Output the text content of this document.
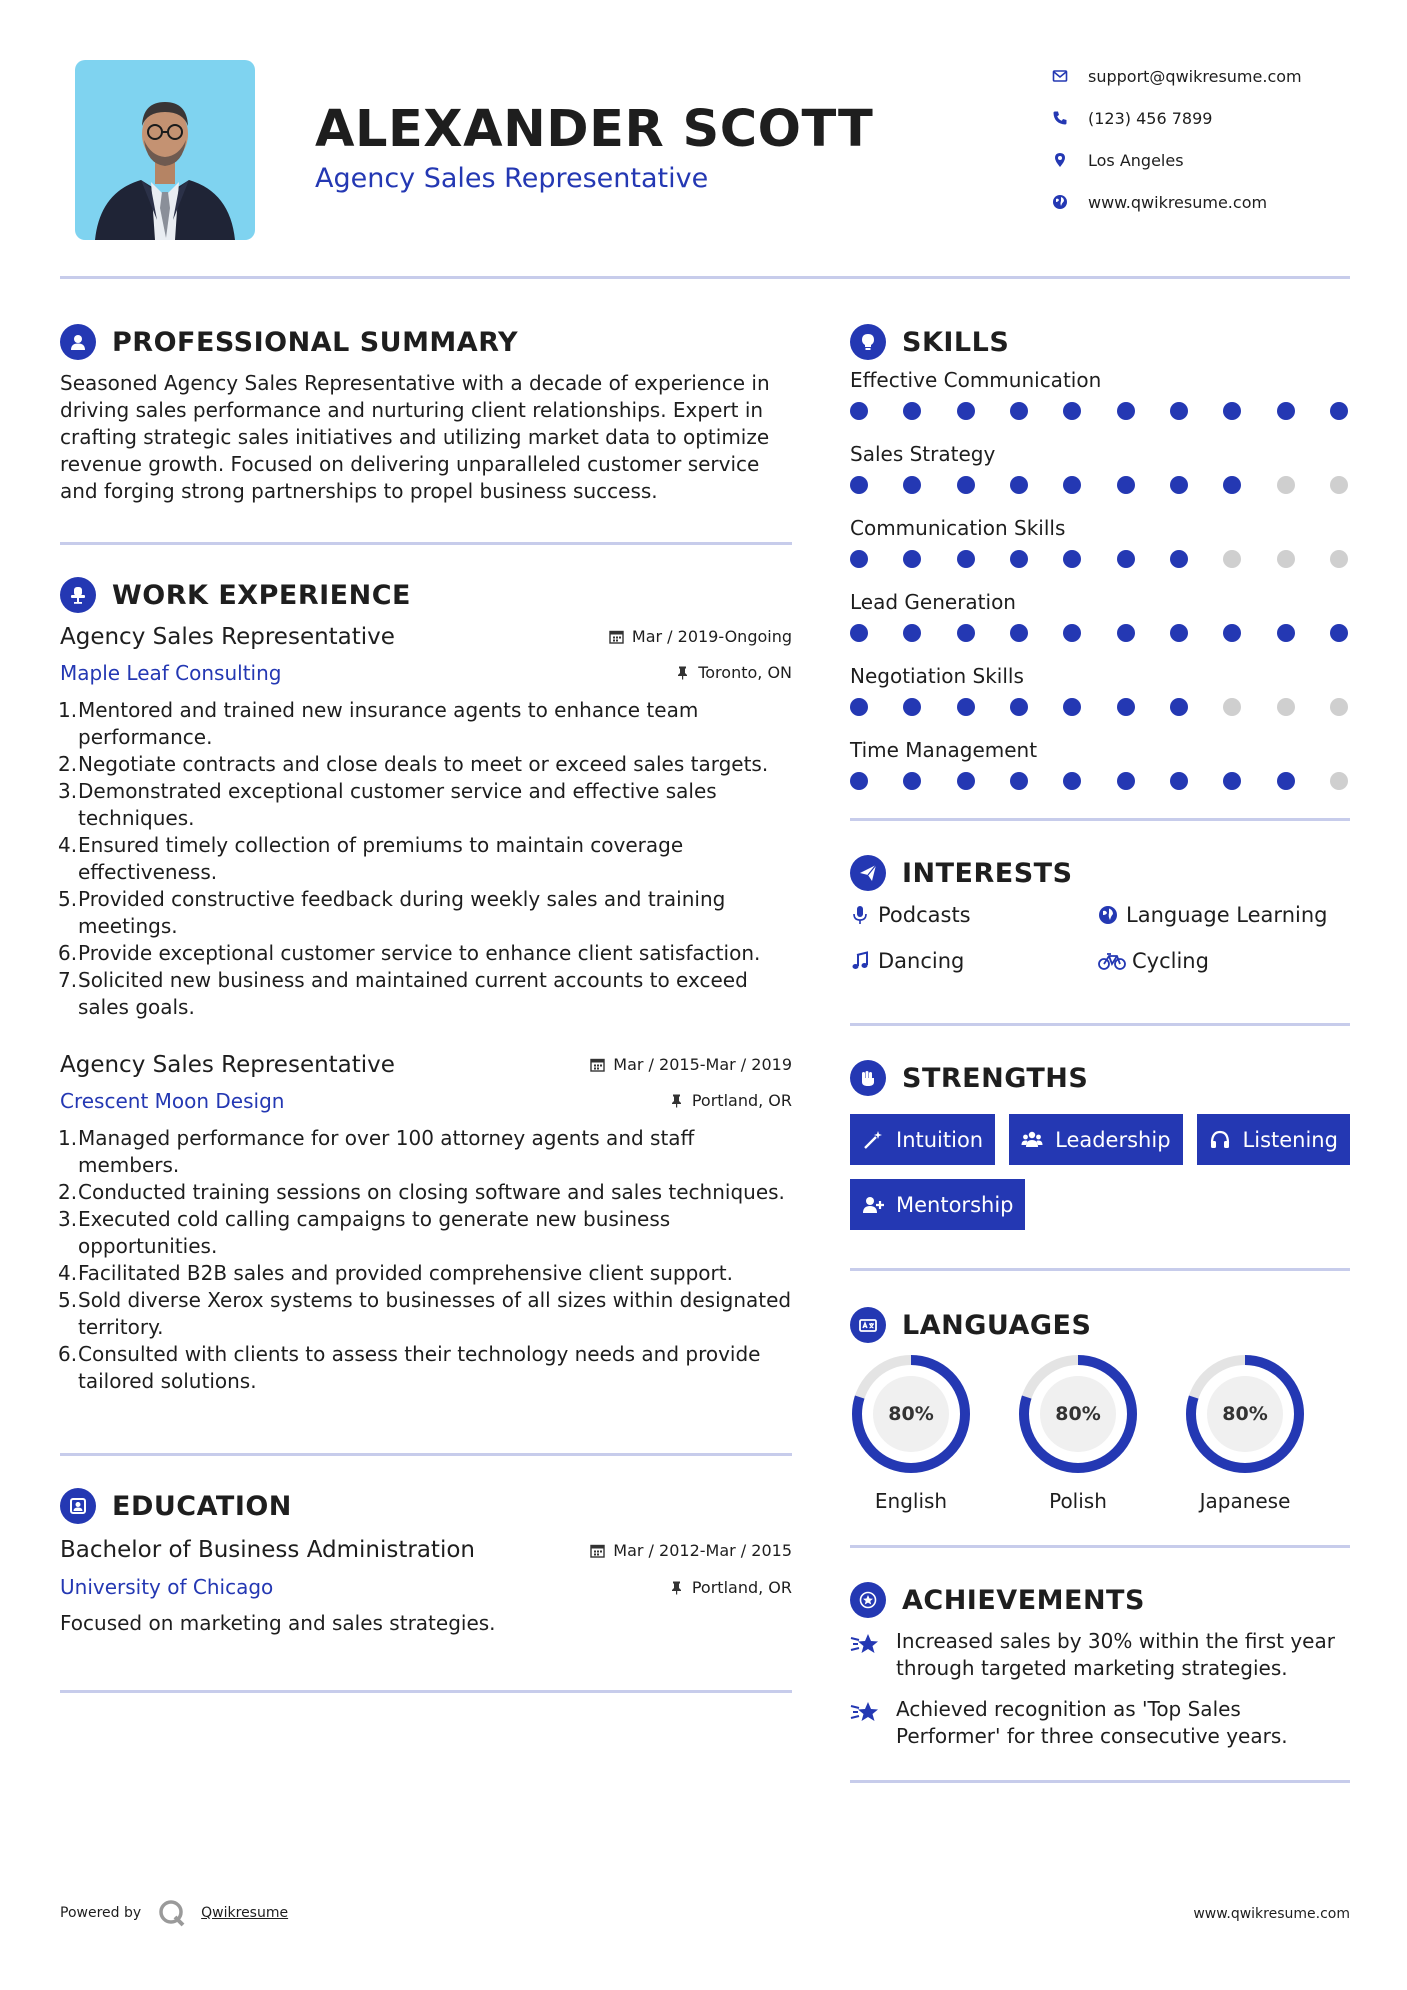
ALEXANDER SCOTT
Agency Sales Representative
support@qwikresume.com
(123) 456 7899
Los Angeles
www.qwikresume.com
PROFESSIONAL SUMMARY

Seasoned Agency Sales Representative with a decade of experience in driving sales performance and nurturing client relationships. Expert in crafting strategic sales initiatives and utilizing market data to optimize revenue growth. Focused on delivering unparalleled customer service and forging strong partnerships to propel business success.

WORK EXPERIENCE
Agency Sales Representative	Mar / 2019-Ongoing
Maple Leaf Consulting	Toronto, ON
1. Mentored and trained new insurance agents to enhance team performance.
2. Negotiate contracts and close deals to meet or exceed sales targets.
3. Demonstrated exceptional customer service and effective sales techniques.
4. Ensured timely collection of premiums to maintain coverage effectiveness.
5. Provided constructive feedback during weekly sales and training meetings.
6. Provide exceptional customer service to enhance client satisfaction.
7. Solicited new business and maintained current accounts to exceed sales goals.
Agency Sales Representative	Mar / 2015-Mar / 2019
Crescent Moon Design	Portland, OR
1. Managed performance for over 100 attorney agents and staff members.
2. Conducted training sessions on closing software and sales techniques.
3. Executed cold calling campaigns to generate new business opportunities.
4. Facilitated B2B sales and provided comprehensive client support.
5. Sold diverse Xerox systems to businesses of all sizes within designated territory.
6. Consulted with clients to assess their technology needs and provide tailored solutions.
EDUCATION
Bachelor of Business Administration	Mar / 2012-Mar / 2015
University of Chicago	Portland, OR

Focused on marketing and sales strategies.

SKILLS
Effective Communication
Sales Strategy
Communication Skills
Lead Generation
Negotiation Skills
Time Management
INTERESTS
Podcasts	Language Learning
Dancing	Cycling
STRENGTHS
Intuition	Leadership	Listening
Mentorship
LANGUAGES
80%
English
80%
Polish
80%
Japanese
ACHIEVEMENTS
Increased sales by 30% within the first year through targeted marketing strategies.
Achieved recognition as 'Top Sales Performer' for three consecutive years.
Powered by	Qwikresume	www.qwikresume.com
